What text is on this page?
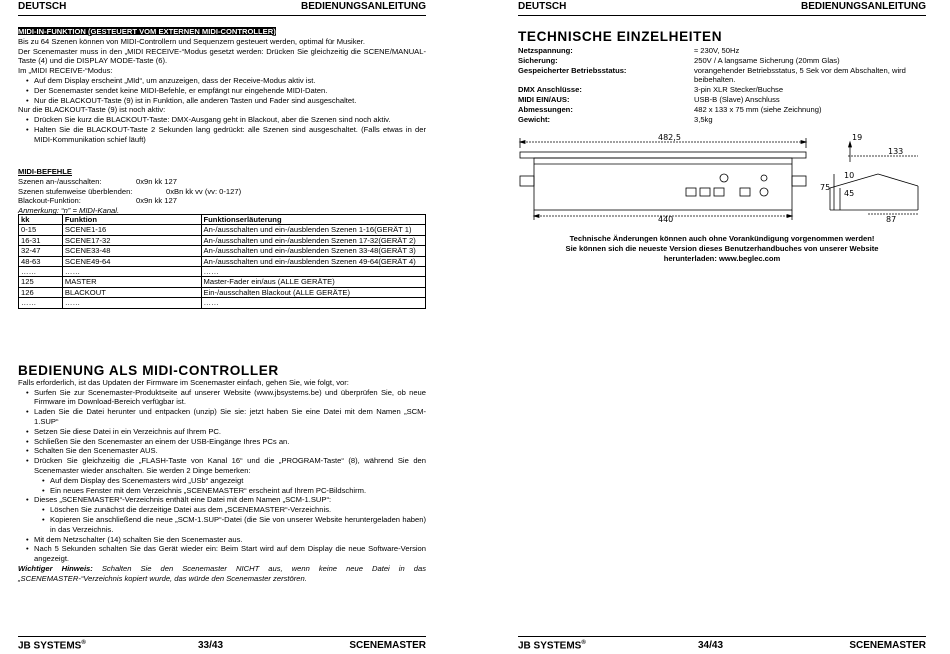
DEUTSCH	BEDIENUNGSANLEITUNG
MIDI-IN-FUNKTION (GESTEUERT VOM EXTERNEN MIDI-CONTROLLER)
Bis zu 64 Szenen können von MIDI-Controllern und Sequenzern gesteuert werden, optimal für Musiker.
Der Scenemaster muss in den „MIDI RECEIVE-“Modus gesetzt werden: Drücken Sie gleichzeitig die SCENE/MANUAL-Taste (4) und die DISPLAY MODE-Taste (6).
Im „MIDI RECEIVE-“Modus:
• Auf dem Display erscheint „MId“, um anzuzeigen, dass der Receive-Modus aktiv ist.
• Der Scenemaster sendet keine MIDI-Befehle, er empfängt nur eingehende MIDI-Daten.
• Nur die BLACKOUT-Taste (9) ist in Funktion, alle anderen Tasten und Fader sind ausgeschaltet.
Nur die BLACKOUT-Taste (9) ist noch aktiv:
• Drücken Sie kurz die BLACKOUT-Taste: DMX-Ausgang geht in Blackout, aber die Szenen sind noch aktiv.
• Halten Sie die BLACKOUT-Taste 2 Sekunden lang gedrückt: alle Szenen sind ausgeschaltet. (Falls etwas in der MIDI-Kommunikation schief läuft)
MIDI-BEFEHLE
Szenen an-/ausschalten:	0x9n kk 127
Szenen stufenweise überblenden:	0xBn kk vv (vv: 0-127)
Blackout-Funktion:	0x9n kk 127
Anmerkung: “n” = MIDI-Kanal.
kk	Funktion	Funktionserläuterung
0-15	SCENE1-16	An-/ausschalten und ein-/ausblenden Szenen 1-16(GERÄT 1)
16-31	SCENE17-32	An-/ausschalten und ein-/ausblenden Szenen 17-32(GERÄT 2)
32-47	SCENE33-48	An-/ausschalten und ein-/ausblenden Szenen 33-48(GERÄT 3)
48-63	SCENE49-64	An-/ausschalten und ein-/ausblenden Szenen 49-64(GERÄT 4)
……	……	……
125	MASTER	Master-Fader ein/aus (ALLE GERÄTE)
126	BLACKOUT	Ein-/ausschalten Blackout (ALLE GERÄTE)
……	……	……
BEDIENUNG ALS MIDI-CONTROLLER
Falls erforderlich, ist das Updaten der Firmware im Scenemaster einfach, gehen Sie, wie folgt, vor:
• Surfen Sie zur Scenemaster-Produktseite auf unserer Website (www.jbsystems.be) und überprüfen Sie, ob neue Firmware im Download-Bereich verfügbar ist.
• Laden Sie die Datei herunter und entpacken (unzip) Sie sie: jetzt haben Sie eine Datei mit dem Namen „SCM-1.SUP“
• Setzen Sie diese Datei in ein Verzeichnis auf Ihrem PC.
• Schließen Sie den Scenemaster an einem der USB-Eingänge Ihres PCs an.
• Schalten Sie den Scenemaster AUS.
• Drücken Sie gleichzeitig die „FLASH-Taste von Kanal 16“ und die „PROGRAM-Taste“ (8), während Sie den Scenemaster wieder anschalten. Sie werden 2 Dinge bemerken:
• Auf dem Display des Scenemasters wird „USb“ angezeigt
• Ein neues Fenster mit dem Verzeichnis „SCENEMASTER“ erscheint auf Ihrem PC-Bildschirm.
• Dieses „SCENEMASTER“-Verzeichnis enthält eine Datei mit dem Namen „SCM-1.SUP“:
• Löschen Sie zunächst die derzeitige Datei aus dem „SCENEMASTER“-Verzeichnis.
• Kopieren Sie anschließend die neue „SCM-1.SUP“-Datei (die Sie von unserer Website heruntergeladen haben) in das Verzeichnis.
• Mit dem Netzschalter (14) schalten Sie den Scenemaster aus.
• Nach 5 Sekunden schalten Sie das Gerät wieder ein: Beim Start wird auf dem Display die neue Software-Version angezeigt.
Wichtiger Hinweis: Schalten Sie den Scenemaster NICHT aus, wenn keine neue Datei in das „SCENEMASTER-“Verzeichnis kopiert wurde, das würde den Scenemaster zerstören.
JB SYSTEMS®	33/43	SCENEMASTER
DEUTSCH	BEDIENUNGSANLEITUNG
TECHNISCHE EINZELHEITEN
Netzspannung:	≈ 230V, 50Hz
Sicherung:	250V / A langsame Sicherung (20mm Glas)
Gespeicherter Betriebsstatus:	vorangehender Betriebsstatus, 5 Sek vor dem Abschalten, wird beibehalten.
DMX Anschlüsse:	3-pin XLR Stecker/Buchse
MIDI EIN/AUS:	USB-B (Slave) Anschluss
Abmessungen:	482 x 133 x 75 mm (siehe Zeichnung)
Gewicht:	3,5kg
482,5
440
133
75
45
10
19
87
Technische Änderungen können auch ohne Vorankündigung vorgenommen werden!
Sie können sich die neueste Version dieses Benutzerhandbuches von unserer Website
herunterladen: www.beglec.com
JB SYSTEMS®	34/43	SCENEMASTER
